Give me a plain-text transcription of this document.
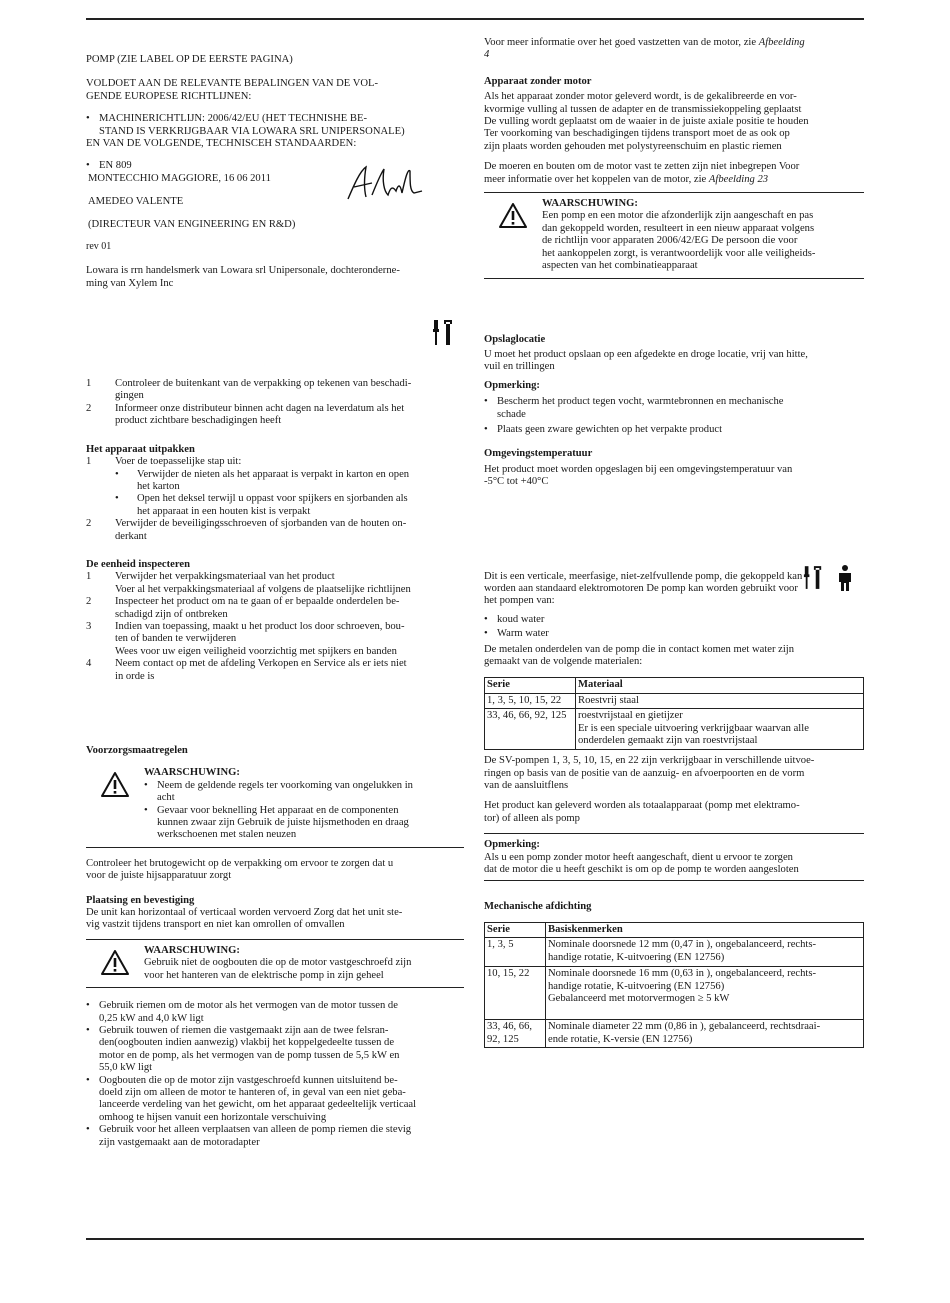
POMP (ZIE LABEL OP DE EERSTE PAGINA)

VOLDOET AAN DE RELEVANTE BEPALINGEN VAN DE VOL-

GENDE EUROPESE RICHTLIJNEN:

• MACHINERICHTLIJN: 2006/42/EU (HET TECHNISHE BE-
STAND IS VERKRIJGBAAR VIA LOWARA SRL UNIPERSONALE)

EN VAN DE VOLGENDE, TECHNISCEH STANDAARDEN:

• EN 809

MONTECCHIO MAGGIORE, 16 06 2011

AMEDEO VALENTE

(DIRECTEUR VAN ENGINEERING EN R&D)

rev 01

Lowara is rrn handelsmerk van Lowara srl Unipersonale, dochteronderne-

ming van Xylem Inc

1	Controleer de buitenkant van de verpakking op tekenen van beschadi-
gingen
2	Informeer onze distributeur binnen acht dagen na leverdatum als het
product zichtbare beschadigingen heeft

Het apparaat uitpakken

1	Voer de toepasselijke stap uit:
•	Verwijder de nieten als het apparaat is verpakt in karton en open
het karton
•	Open het deksel terwijl u oppast voor spijkers en sjorbanden als
het apparaat in een houten kist is verpakt
2	Verwijder de beveiligingsschroeven of sjorbanden van de houten on-
derkant

De eenheid inspecteren

1	Verwijder het verpakkingsmateriaal van het product
Voer al het verpakkingsmateriaal af volgens de plaatselijke richtlijnen
2	Inspecteer het product om na te gaan of er bepaalde onderdelen be-
schadigd zijn of ontbreken
3	Indien van toepassing, maakt u het product los door schroeven, bou-
ten of banden te verwijderen
Wees voor uw eigen veiligheid voorzichtig met spijkers en banden
4	Neem contact op met de afdeling Verkopen en Service als er iets niet
in orde is

Voorzorgsmaatregelen

WAARSCHUWING:

• Neem de geldende regels ter voorkoming van ongelukken in
acht
• Gevaar voor beknelling Het apparaat en de componenten
kunnen zwaar zijn Gebruik de juiste hijsmethoden en draag
werkschoenen met stalen neuzen

Controleer het brutogewicht op de verpakking om ervoor te zorgen dat u

voor de juiste hijsapparatuur zorgt

Plaatsing en bevestiging

De unit kan horizontaal of verticaal worden vervoerd Zorg dat het unit ste-

vig vastzit tijdens transport en niet kan omrollen of omvallen

WAARSCHUWING:

Gebruik niet de oogbouten die op de motor vastgeschroefd zijn

voor het hanteren van de elektrische pomp in zijn geheel

• Gebruik riemen om de motor als het vermogen van de motor tussen de
0,25 kW and 4,0 kW ligt
• Gebruik touwen of riemen die vastgemaakt zijn aan de twee felsran-
den(oogbouten indien aanwezig) vlakbij het koppelgedeelte tussen de
motor en de pomp, als het vermogen van de pomp tussen de 5,5 kW en
55,0 kW ligt
• Oogbouten die op de motor zijn vastgeschroefd kunnen uitsluitend be-
doeld zijn om alleen de motor te hanteren of, in geval van een niet geba-
lanceerde verdeling van het gewicht, om het apparaat gedeeltelijk verticaal
omhoog te hijsen vanuit een horizontale verschuiving
• Gebruik voor het alleen verplaatsen van alleen de pomp riemen die stevig
zijn vastgemaakt aan de motoradapter

Voor meer informatie over het goed vastzetten van de motor, zie Afbeelding

4

Apparaat zonder motor

Als het apparaat zonder motor geleverd wordt, is de gekalibreerde en vor-

kvormige vulling al tussen de adapter en de transmissiekoppeling geplaatst

De vulling wordt geplaatst om de waaier in de juiste axiale positie te houden

Ter voorkoming van beschadigingen tijdens transport moet de as ook op

zijn plaats worden gehouden met polystyreenschuim en plastic riemen

De moeren en bouten om de motor vast te zetten zijn niet inbegrepen Voor

meer informatie over het koppelen van de motor, zie Afbeelding 23

WAARSCHUWING:

Een pomp en een motor die afzonderlijk zijn aangeschaft en pas

dan gekoppeld worden, resulteert in een nieuw apparaat volgens

de richtlijn voor apparaten 2006/42/EG De persoon die voor

het aankoppelen zorgt, is verantwoordelijk voor alle veiligheids-

aspecten van het combinatieapparaat

Opslaglocatie

U moet het product opslaan op een afgedekte en droge locatie, vrij van hitte,

vuil en trillingen

Opmerking:

• Bescherm het product tegen vocht, warmtebronnen en mechanische
schade
• Plaats geen zware gewichten op het verpakte product

Omgevingstemperatuur

Het product moet worden opgeslagen bij een omgevingstemperatuur van

-5°C tot +40°C

Dit is een verticale, meerfasige, niet-zelfvullende pomp, die gekoppeld kan

worden aan standaard elektromotoren De pomp kan worden gebruikt voor

het pompen van:

• koud water
• Warm water

De metalen onderdelen van de pomp die in contact komen met water zijn

gemaakt van de volgende materialen:

Serie	Materiaal
1, 3, 5, 10, 15, 22	Roestvrij staal
33, 46, 66, 92, 125	roestvrijstaal en gietijzer
Er is een speciale uitvoering verkrijgbaar waarvan alle
onderdelen gemaakt zijn van roestvrijstaal

De SV-pompen 1, 3, 5, 10, 15, en 22 zijn verkrijgbaar in verschillende uitvoe-

ringen op basis van de positie van de aanzuig- en afvoerpoorten en de vorm

van de aansluitflens

Het product kan geleverd worden als totaalapparaat (pomp met elektramo-

tor) of alleen als pomp

Opmerking:

Als u een pomp zonder motor heeft aangeschaft, dient u ervoor te zorgen

dat de motor die u heeft geschikt is om op de pomp te worden aangesloten

Mechanische afdichting

Serie	Basiskenmerken
1, 3, 5	Nominale doorsnede 12 mm (0,47 in ), ongebalanceerd, rechts-
handige rotatie, K-uitvoering (EN 12756)
10, 15, 22	Nominale doorsnede 16 mm (0,63 in ), ongebalanceerd, rechts-
handige rotatie, K-uitvoering (EN 12756)
Gebalanceerd met motorvermogen ≥ 5 kW
33, 46, 66,
92, 125	Nominale diameter 22 mm (0,86 in ), gebalanceerd, rechtsdraai-
ende rotatie, K-versie (EN 12756)
